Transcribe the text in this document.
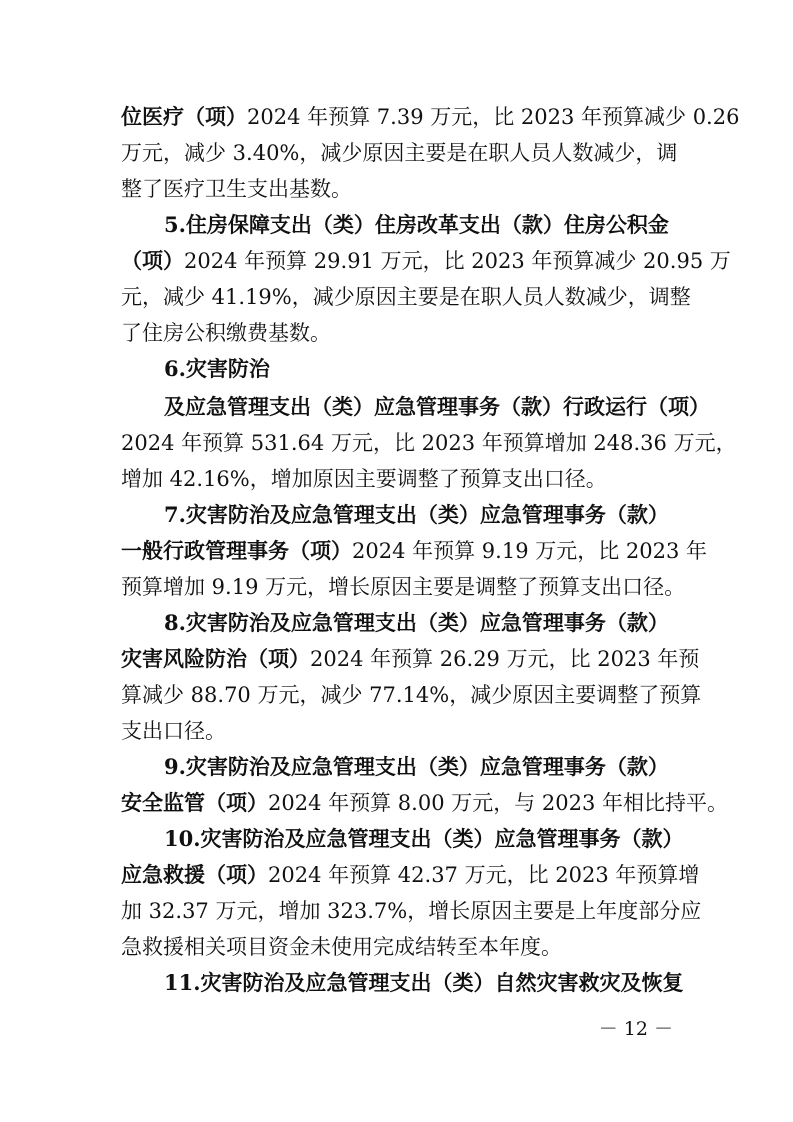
位医疗（项）2024 年预算 7.39 万元，比 2023 年预算减少 0.26
万元，减少 3.40%，减少原因主要是在职人员人数减少，调
整了医疗卫生支出基数。
5.住房保障支出（类）住房改革支出（款）住房公积金
（项）2024 年预算 29.91 万元，比 2023 年预算减少 20.95 万
元，减少 41.19%，减少原因主要是在职人员人数减少，调整
了住房公积缴费基数。
6.灾害防治
及应急管理支出（类）应急管理事务（款）行政运行（项）
2024 年预算 531.64 万元，比 2023 年预算增加 248.36 万元，
增加 42.16%，增加原因主要调整了预算支出口径。
7.灾害防治及应急管理支出（类）应急管理事务（款）
一般行政管理事务（项）2024 年预算 9.19 万元，比 2023 年
预算增加 9.19 万元，增长原因主要是调整了预算支出口径。
8.灾害防治及应急管理支出（类）应急管理事务（款）
灾害风险防治（项）2024 年预算 26.29 万元，比 2023 年预
算减少 88.70 万元，减少 77.14%，减少原因主要调整了预算
支出口径。
9.灾害防治及应急管理支出（类）应急管理事务（款）
安全监管（项）2024 年预算 8.00 万元，与 2023 年相比持平。
10.灾害防治及应急管理支出（类）应急管理事务（款）
应急救援（项）2024 年预算 42.37 万元，比 2023 年预算增
加 32.37 万元，增加 323.7%，增长原因主要是上年度部分应
急救援相关项目资金未使用完成结转至本年度。
11.灾害防治及应急管理支出（类）自然灾害救灾及恢复
－ 12 －
